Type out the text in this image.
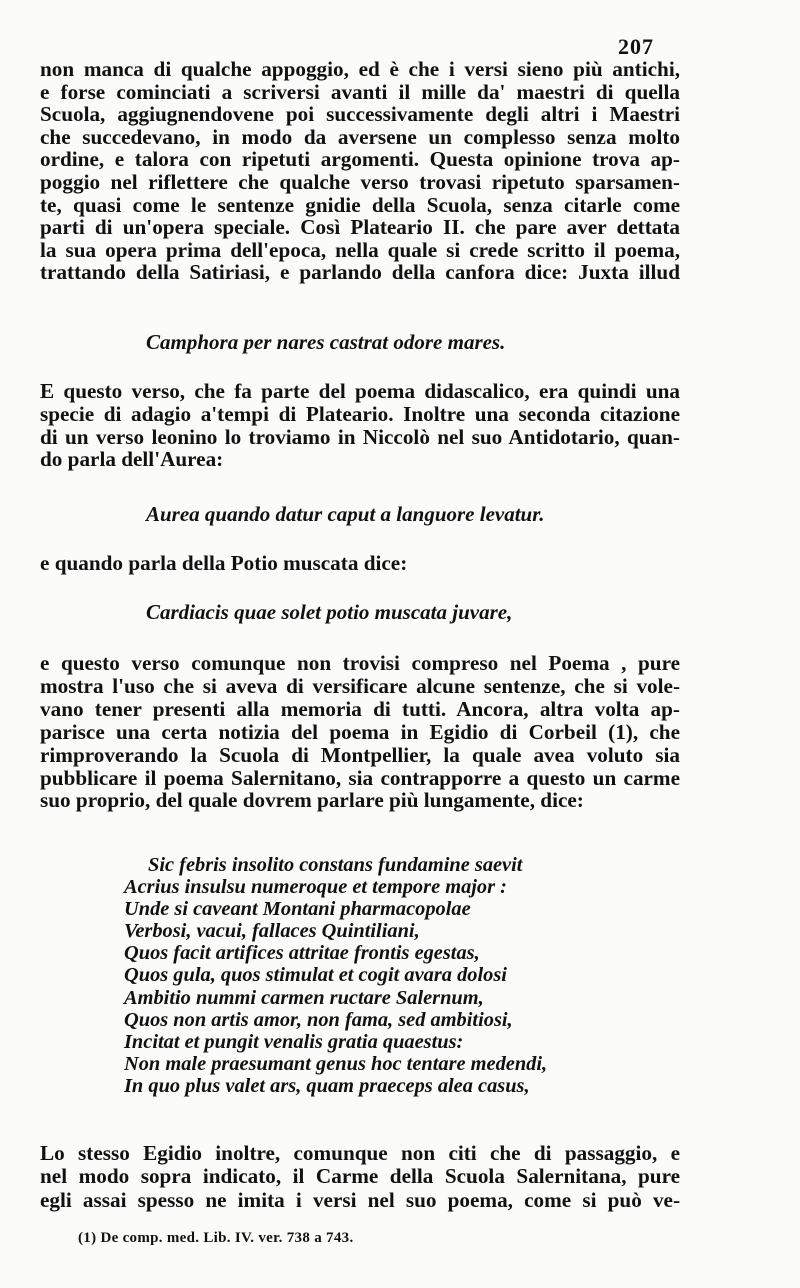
207
non manca di qualche appoggio, ed è che i versi sieno più antichi,
e forse cominciati a scriversi avanti il mille da' maestri di quella
Scuola, aggiugnendovene poi successivamente degli altri i Maestri
che succedevano, in modo da aversene un complesso senza molto
ordine, e talora con ripetuti argomenti. Questa opinione trova ap-
poggio nel riflettere che qualche verso trovasi ripetuto sparsamen-
te, quasi come le sentenze gnidie della Scuola, senza citarle come
parti di un'opera speciale. Così Plateario II. che pare aver dettata
la sua opera prima dell'epoca, nella quale si crede scritto il poema,
trattando della Satiriasi, e parlando della canfora dice: Juxta illud
Camphora per nares castrat odore mares.
E questo verso, che fa parte del poema didascalico, era quindi una
specie di adagio a'tempi di Plateario. Inoltre una seconda citazione
di un verso leonino lo troviamo in Niccolò nel suo Antidotario, quan-
do parla dell'Aurea:
Aurea quando datur caput a languore levatur.
e quando parla della Potio muscata dice:
Cardiacis quae solet potio muscata juvare,
e questo verso comunque non trovisi compreso nel Poema , pure
mostra l'uso che si aveva di versificare alcune sentenze, che si vole-
vano tener presenti alla memoria di tutti. Ancora, altra volta ap-
parisce una certa notizia del poema in Egidio di Corbeil (1), che
rimproverando la Scuola di Montpellier, la quale avea voluto sia
pubblicare il poema Salernitano, sia contrapporre a questo un carme
suo proprio, del quale dovrem parlare più lungamente, dice:
Sic febris insolito constans fundamine saevit
Acrius insulsu numeroque et tempore major :
Unde si caveant Montani pharmacopolae
Verbosi, vacui, fallaces Quintiliani,
Quos facit artifices attritae frontis egestas,
Quos gula, quos stimulat et cogit avara dolosi
Ambitio nummi carmen ructare Salernum,
Quos non artis amor, non fama, sed ambitiosi,
Incitat et pungit venalis gratia quaestus:
Non male praesumant genus hoc tentare medendi,
In quo plus valet ars, quam praeceps alea casus,
Lo stesso Egidio inoltre, comunque non citi che di passaggio, e
nel modo sopra indicato, il Carme della Scuola Salernitana, pure
egli assai spesso ne imita i versi nel suo poema, come si può ve-
(1) De comp. med. Lib. IV. ver. 738 a 743.
